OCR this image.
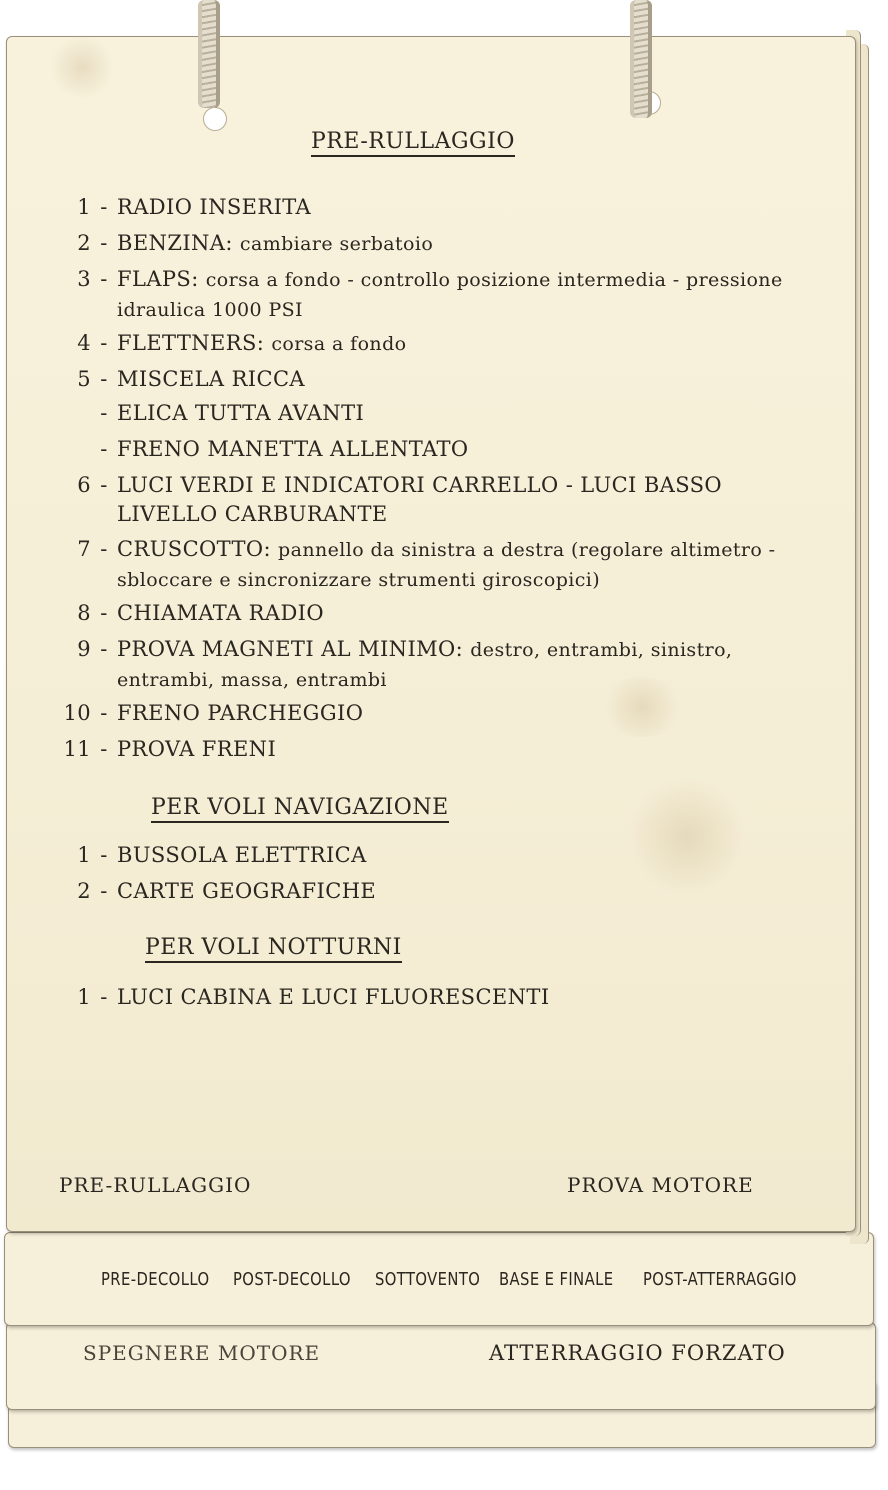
SPEGNERE MOTORE	ATTERRAGGIO FORZATO
PRE-DECOLLO POST-DECOLLO SOTTOVENTO BASE E FINALE POST-ATTERRAGGIO
PRE-RULLAGGIO
1 - RADIO INSERITA
2 - BENZINA: cambiare serbatoio
3 - FLAPS: corsa a fondo - controllo posizione intermedia - pressione idraulica 1000 PSI
4 - FLETTNERS: corsa a fondo
5 - MISCELA RICCA
- ELICA TUTTA AVANTI
- FRENO MANETTA ALLENTATO
6 - LUCI VERDI E INDICATORI CARRELLO - LUCI BASSO LIVELLO CARBURANTE
7 - CRUSCOTTO: pannello da sinistra a destra (regolare altimetro - sbloccare e sincronizzare strumenti giroscopici)
8 - CHIAMATA RADIO
9 - PROVA MAGNETI AL MINIMO: destro, entrambi, sinistro, entrambi, massa, entrambi
10 - FRENO PARCHEGGIO
11 - PROVA FRENI
PER VOLI NAVIGAZIONE
1 - BUSSOLA ELETTRICA
2 - CARTE GEOGRAFICHE
PER VOLI NOTTURNI
1 - LUCI CABINA E LUCI FLUORESCENTI
PRE-RULLAGGIO	PROVA MOTORE
